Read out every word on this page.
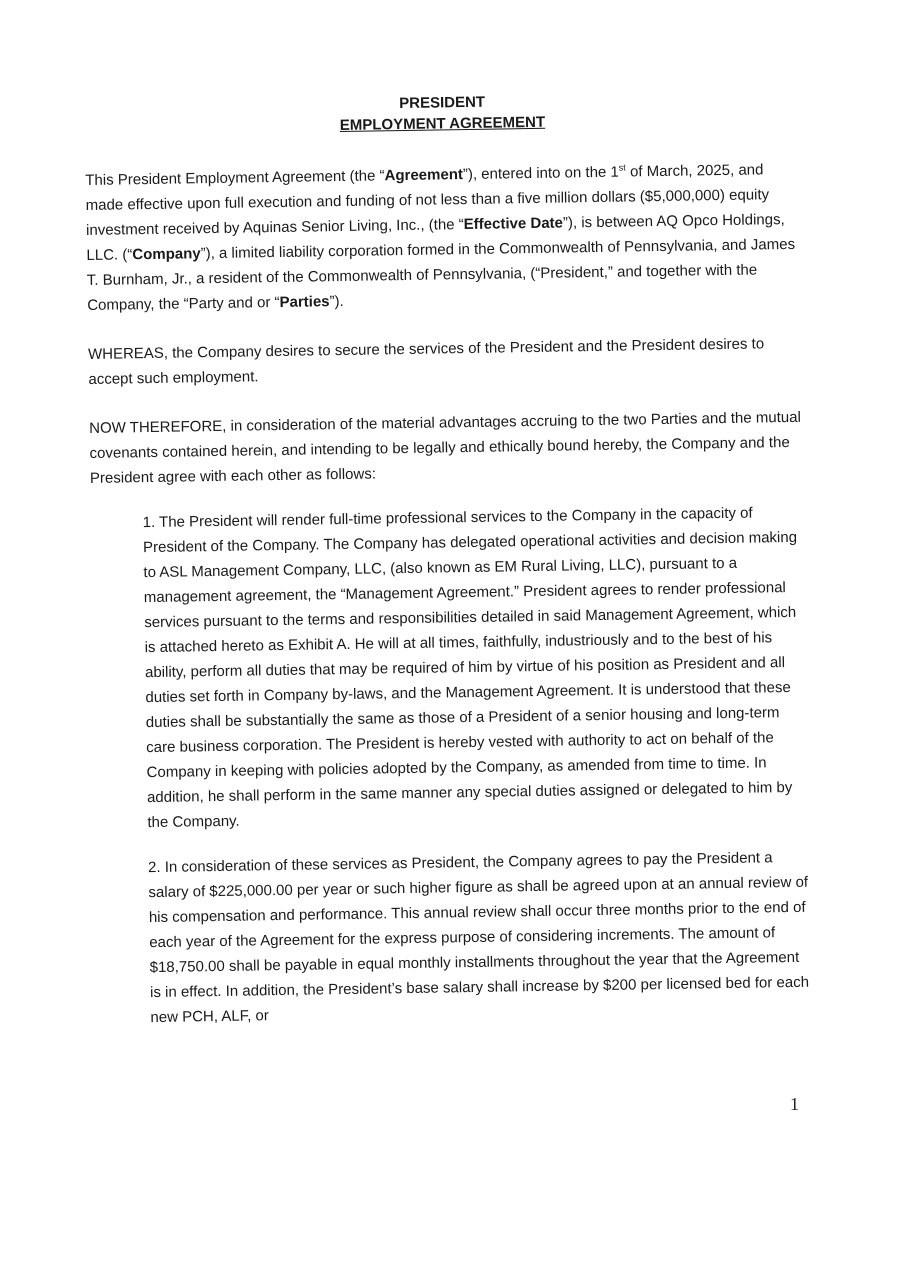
PRESIDENT

EMPLOYMENT AGREEMENT

This President Employment Agreement (the “Agreement”), entered into on the 1st of March, 2025, and made effective upon full execution and funding of not less than a five million dollars ($5,000,000) equity investment received by Aquinas Senior Living, Inc., (the “Effective Date”), is between AQ Opco Holdings, LLC. (“Company”), a limited liability corporation formed in the Commonwealth of Pennsylvania, and James T. Burnham, Jr., a resident of the Commonwealth of Pennsylvania, (“President,” and together with the Company, the “Party and or “Parties”).

WHEREAS, the Company desires to secure the services of the President and the President desires to accept such employment.

NOW THEREFORE, in consideration of the material advantages accruing to the two Parties and the mutual covenants contained herein, and intending to be legally and ethically bound hereby, the Company and the President agree with each other as follows:

1. The President will render full-time professional services to the Company in the capacity of President of the Company. The Company has delegated operational activities and decision making to ASL Management Company, LLC, (also known as EM Rural Living, LLC), pursuant to a management agreement, the “Management Agreement.” President agrees to render professional services pursuant to the terms and responsibilities detailed in said Management Agreement, which is attached hereto as Exhibit A. He will at all times, faithfully, industriously and to the best of his ability, perform all duties that may be required of him by virtue of his position as President and all duties set forth in Company by-laws, and the Management Agreement. It is understood that these duties shall be substantially the same as those of a President of a senior housing and long-term care business corporation. The President is hereby vested with authority to act on behalf of the Company in keeping with policies adopted by the Company, as amended from time to time. In addition, he shall perform in the same manner any special duties assigned or delegated to him by the Company.

2. In consideration of these services as President, the Company agrees to pay the President a salary of $225,000.00 per year or such higher figure as shall be agreed upon at an annual review of his compensation and performance. This annual review shall occur three months prior to the end of each year of the Agreement for the express purpose of considering increments. The amount of $18,750.00 shall be payable in equal monthly installments throughout the year that the Agreement is in effect. In addition, the President’s base salary shall increase by $200 per licensed bed for each new PCH, ALF, or

1
